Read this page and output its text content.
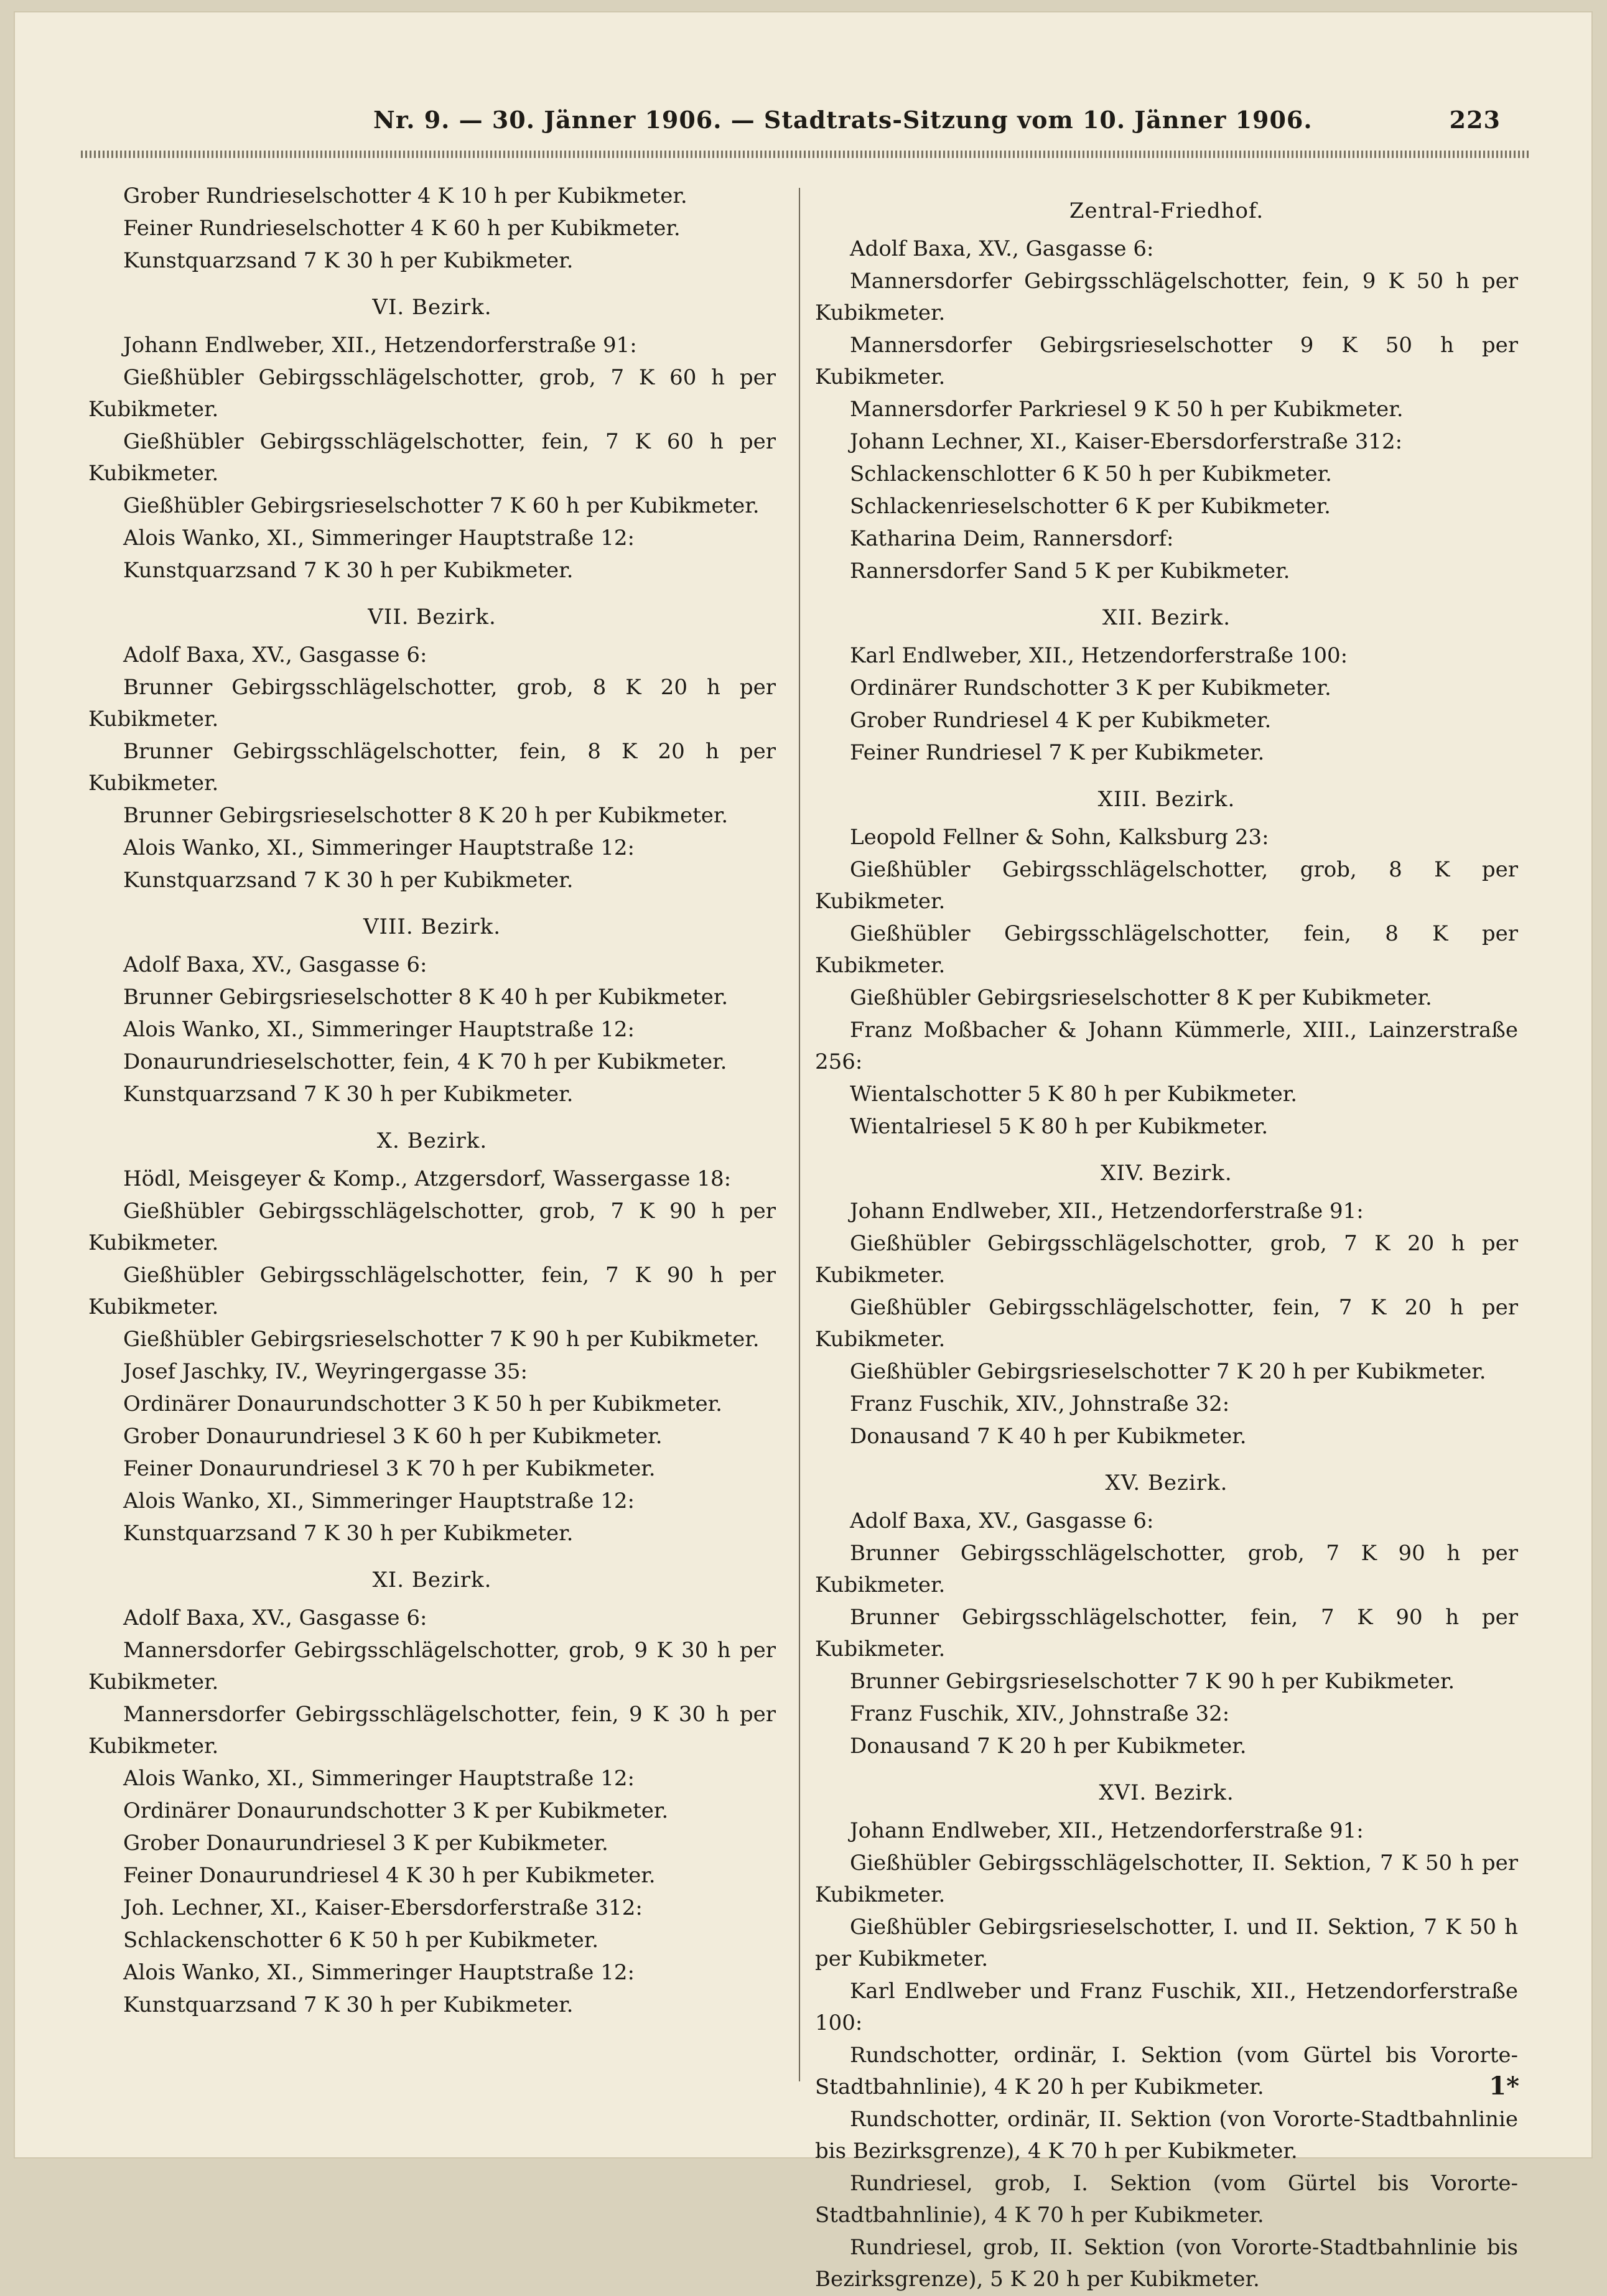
Nr. 9. — 30. Jänner 1906. — Stadtrats-Sitzung vom 10. Jänner 1906.	223
Grober Rundrieselschotter 4 K 10 h per Kubikmeter.
Feiner Rundrieselschotter 4 K 60 h per Kubikmeter.
Kunstquarzsand 7 K 30 h per Kubikmeter.
VI. Bezirk.
Johann Endlweber, XII., Hetzendorferstraße 91:
Gießhübler Gebirgsschlägelschotter, grob, 7 K 60 h per Kubikmeter.
Gießhübler Gebirgsschlägelschotter, fein, 7 K 60 h per Kubikmeter.
Gießhübler Gebirgsrieselschotter 7 K 60 h per Kubikmeter.
Alois Wanko, XI., Simmeringer Hauptstraße 12:
Kunstquarzsand 7 K 30 h per Kubikmeter.
VII. Bezirk.
Adolf Baxa, XV., Gasgasse 6:
Brunner Gebirgsschlägelschotter, grob, 8 K 20 h per Kubikmeter.
Brunner Gebirgsschlägelschotter, fein, 8 K 20 h per Kubikmeter.
Brunner Gebirgsrieselschotter 8 K 20 h per Kubikmeter.
Alois Wanko, XI., Simmeringer Hauptstraße 12:
Kunstquarzsand 7 K 30 h per Kubikmeter.
VIII. Bezirk.
Adolf Baxa, XV., Gasgasse 6:
Brunner Gebirgsrieselschotter 8 K 40 h per Kubikmeter.
Alois Wanko, XI., Simmeringer Hauptstraße 12:
Donaurundrieselschotter, fein, 4 K 70 h per Kubikmeter.
Kunstquarzsand 7 K 30 h per Kubikmeter.
X. Bezirk.
Hödl, Meisgeyer & Komp., Atzgersdorf, Wassergasse 18:
Gießhübler Gebirgsschlägelschotter, grob, 7 K 90 h per Kubikmeter.
Gießhübler Gebirgsschlägelschotter, fein, 7 K 90 h per Kubikmeter.
Gießhübler Gebirgsrieselschotter 7 K 90 h per Kubikmeter.
Josef Jaschky, IV., Weyringergasse 35:
Ordinärer Donaurundschotter 3 K 50 h per Kubikmeter.
Grober Donaurundriesel 3 K 60 h per Kubikmeter.
Feiner Donaurundriesel 3 K 70 h per Kubikmeter.
Alois Wanko, XI., Simmeringer Hauptstraße 12:
Kunstquarzsand 7 K 30 h per Kubikmeter.
XI. Bezirk.
Adolf Baxa, XV., Gasgasse 6:
Mannersdorfer Gebirgsschlägelschotter, grob, 9 K 30 h per Kubikmeter.
Mannersdorfer Gebirgsschlägelschotter, fein, 9 K 30 h per Kubikmeter.
Alois Wanko, XI., Simmeringer Hauptstraße 12:
Ordinärer Donaurundschotter 3 K per Kubikmeter.
Grober Donaurundriesel 3 K per Kubikmeter.
Feiner Donaurundriesel 4 K 30 h per Kubikmeter.
Joh. Lechner, XI., Kaiser-Ebersdorferstraße 312:
Schlackenschotter 6 K 50 h per Kubikmeter.
Alois Wanko, XI., Simmeringer Hauptstraße 12:
Kunstquarzsand 7 K 30 h per Kubikmeter.
Zentral-Friedhof.
Adolf Baxa, XV., Gasgasse 6:
Mannersdorfer Gebirgsschlägelschotter, fein, 9 K 50 h per Kubikmeter.
Mannersdorfer Gebirgsrieselschotter 9 K 50 h per Kubikmeter.
Mannersdorfer Parkriesel 9 K 50 h per Kubikmeter.
Johann Lechner, XI., Kaiser-Ebersdorferstraße 312:
Schlackenschlotter 6 K 50 h per Kubikmeter.
Schlackenrieselschotter 6 K per Kubikmeter.
Katharina Deim, Rannersdorf:
Rannersdorfer Sand 5 K per Kubikmeter.
XII. Bezirk.
Karl Endlweber, XII., Hetzendorferstraße 100:
Ordinärer Rundschotter 3 K per Kubikmeter.
Grober Rundriesel 4 K per Kubikmeter.
Feiner Rundriesel 7 K per Kubikmeter.
XIII. Bezirk.
Leopold Fellner & Sohn, Kalksburg 23:
Gießhübler Gebirgsschlägelschotter, grob, 8 K per Kubikmeter.
Gießhübler Gebirgsschlägelschotter, fein, 8 K per Kubikmeter.
Gießhübler Gebirgsrieselschotter 8 K per Kubikmeter.
Franz Moßbacher & Johann Kümmerle, XIII., Lainzerstraße 256:
Wientalschotter 5 K 80 h per Kubikmeter.
Wientalriesel 5 K 80 h per Kubikmeter.
XIV. Bezirk.
Johann Endlweber, XII., Hetzendorferstraße 91:
Gießhübler Gebirgsschlägelschotter, grob, 7 K 20 h per Kubikmeter.
Gießhübler Gebirgsschlägelschotter, fein, 7 K 20 h per Kubikmeter.
Gießhübler Gebirgsrieselschotter 7 K 20 h per Kubikmeter.
Franz Fuschik, XIV., Johnstraße 32:
Donausand 7 K 40 h per Kubikmeter.
XV. Bezirk.
Adolf Baxa, XV., Gasgasse 6:
Brunner Gebirgsschlägelschotter, grob, 7 K 90 h per Kubikmeter.
Brunner Gebirgsschlägelschotter, fein, 7 K 90 h per Kubikmeter.
Brunner Gebirgsrieselschotter 7 K 90 h per Kubikmeter.
Franz Fuschik, XIV., Johnstraße 32:
Donausand 7 K 20 h per Kubikmeter.
XVI. Bezirk.
Johann Endlweber, XII., Hetzendorferstraße 91:
Gießhübler Gebirgsschlägelschotter, II. Sektion, 7 K 50 h per Kubikmeter.
Gießhübler Gebirgsrieselschotter, I. und II. Sektion, 7 K 50 h per Kubikmeter.
Karl Endlweber und Franz Fuschik, XII., Hetzendorferstraße 100:
Rundschotter, ordinär, I. Sektion (vom Gürtel bis Vororte-Stadtbahnlinie), 4 K 20 h per Kubikmeter.
Rundschotter, ordinär, II. Sektion (von Vororte-Stadtbahnlinie bis Bezirksgrenze), 4 K 70 h per Kubikmeter.
Rundriesel, grob, I. Sektion (vom Gürtel bis Vororte-Stadtbahnlinie), 4 K 70 h per Kubikmeter.
Rundriesel, grob, II. Sektion (von Vororte-Stadtbahnlinie bis Bezirksgrenze), 5 K 20 h per Kubikmeter.
1*
